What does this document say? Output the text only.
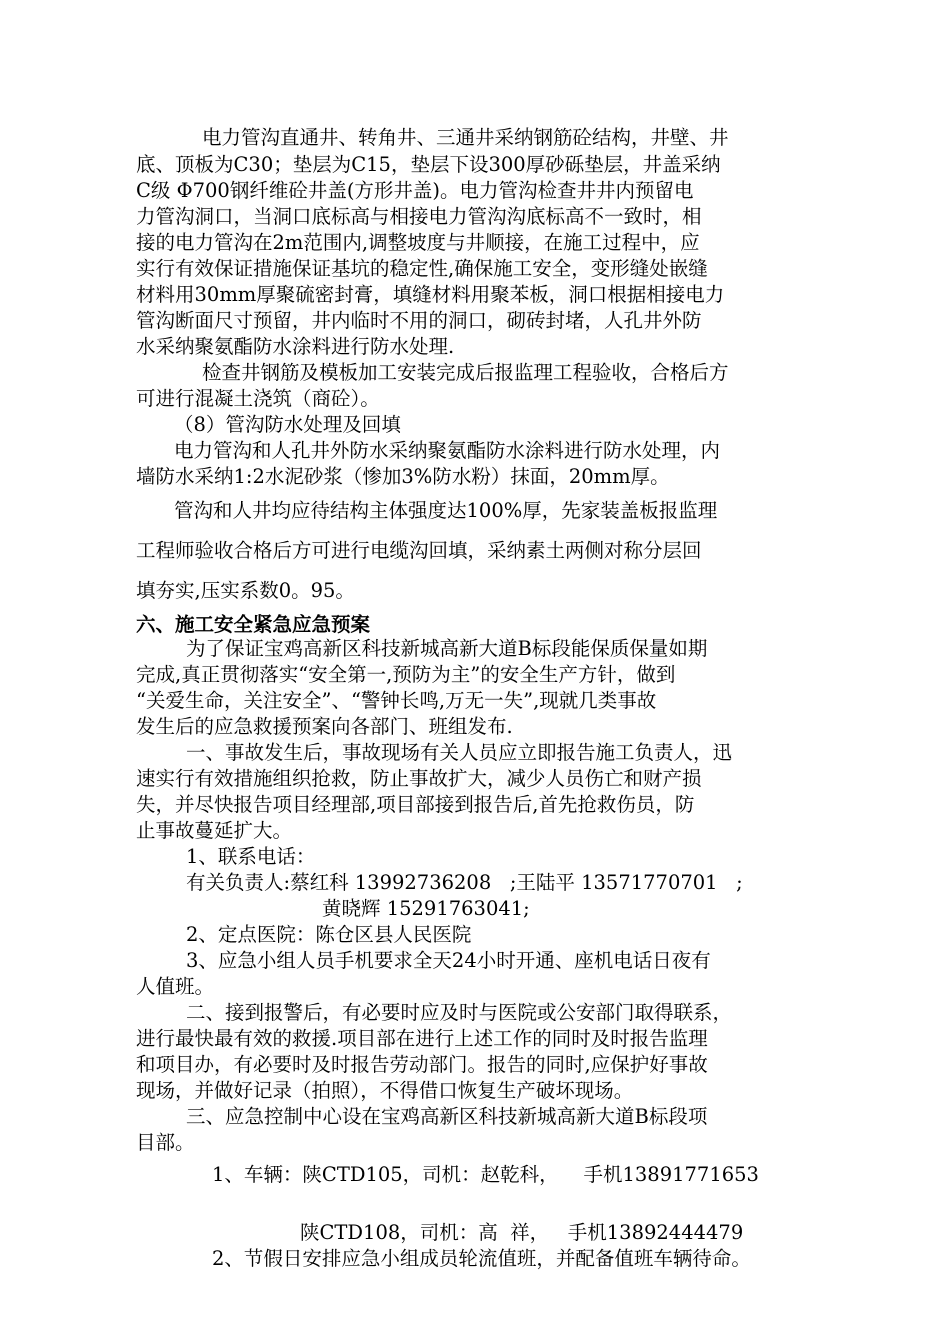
电力管沟直通井、转角井、三通井采纳钢筋砼结构，井壁、井
底、顶板为C30；垫层为C15，垫层下设300厚砂砾垫层，井盖采纳
C级 Φ700钢纤维砼井盖(方形井盖)。电力管沟检查井井内预留电
力管沟洞口，当洞口底标高与相接电力管沟沟底标高不一致时，相
接的电力管沟在2m范围内,调整坡度与井顺接，在施工过程中，应
实行有效保证措施保证基坑的稳定性,确保施工安全，变形缝处嵌缝
材料用30mm厚聚硫密封膏，填缝材料用聚苯板，洞口根据相接电力
管沟断面尺寸预留，井内临时不用的洞口，砌砖封堵，人孔井外防
水采纳聚氨酯防水涂料进行防水处理.
检查井钢筋及模板加工安装完成后报监理工程验收，合格后方
可进行混凝土浇筑（商砼）。
（8）管沟防水处理及回填
电力管沟和人孔井外防水采纳聚氨酯防水涂料进行防水处理，内
墙防水采纳1:2水泥砂浆（惨加3%防水粉）抹面，20mm厚。
管沟和人井均应待结构主体强度达100%厚，先家装盖板报监理
工程师验收合格后方可进行电缆沟回填，采纳素土两侧对称分层回
填夯实,压实系数0。95。
六、施工安全紧急应急预案
为了保证宝鸡高新区科技新城高新大道B标段能保质保量如期
完成,真正贯彻落实“安全第一,预防为主”的安全生产方针，做到
“关爱生命，关注安全”、“警钟长鸣,万无一失”,现就几类事故
发生后的应急救援预案向各部门、班组发布.
一、事故发生后，事故现场有关人员应立即报告施工负责人，迅
速实行有效措施组织抢救，防止事故扩大，减少人员伤亡和财产损
失，并尽快报告项目经理部,项目部接到报告后,首先抢救伤员，防
止事故蔓延扩大。
1、联系电话：
有关负责人:蔡红科 13992736208   ;王陆平 13571770701   ;
黄晓辉 15291763041;
2、定点医院：陈仓区县人民医院
3、应急小组人员手机要求全天24小时开通、座机电话日夜有
人值班。
二、接到报警后，有必要时应及时与医院或公安部门取得联系，
进行最快最有效的救援.项目部在进行上述工作的同时及时报告监理
和项目办，有必要时及时报告劳动部门。报告的同时,应保护好事故
现场，并做好记录（拍照），不得借口恢复生产破坏现场。
三、应急控制中心设在宝鸡高新区科技新城高新大道B标段项
目部。
1、车辆：陕CTD105，司机：赵乾科，    手机13891771653
陕CTD108，司机：高  祥，   手机13892444479
2、节假日安排应急小组成员轮流值班，并配备值班车辆待命。
